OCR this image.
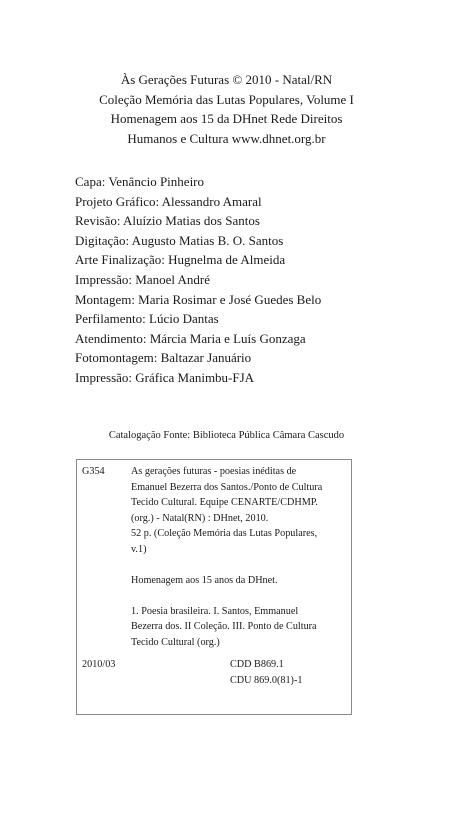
Às Gerações Futuras © 2010 - Natal/RN
Coleção Memória das Lutas Populares, Volume I
Homenagem aos 15 da DHnet Rede Direitos
Humanos e Cultura www.dhnet.org.br
Capa: Venâncio Pinheiro
Projeto Gráfico: Alessandro Amaral
Revisão: Aluízio Matias dos Santos
Digitação: Augusto Matias B. O. Santos
Arte Finalização: Hugnelma de Almeida
Impressão: Manoel André
Montagem: Maria Rosimar e José Guedes Belo
Perfilamento: Lúcio Dantas
Atendimento: Márcia Maria e Luís Gonzaga
Fotomontagem: Baltazar Januário
Impressão: Gráfica Manimbu-FJA
Catalogação Fonte: Biblioteca Pública Câmara Cascudo
G354	As gerações futuras - poesias inéditas de
Emanuel Bezerra dos Santos./Ponto de Cultura
Tecido Cultural. Equipe CENARTE/CDHMP.
(org.) - Natal(RN) : DHnet, 2010.
52 p. (Coleção Memória das Lutas Populares,
v.1)
Homenagem aos 15 anos da DHnet.
1. Poesia brasileira. I. Santos, Emmanuel
Bezerra dos. II Coleção. III. Ponto de Cultura
Tecido Cultural (org.)
2010/03	CDD B869.1
CDU 869.0(81)-1
